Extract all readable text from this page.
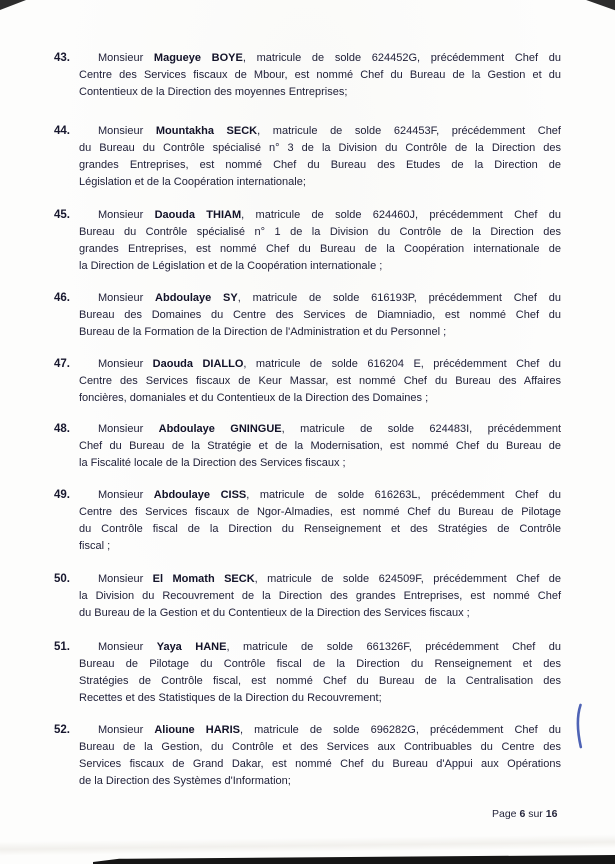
43.	Monsieur Magueye BOYE, matricule de solde 624452G, précédemment Chef du
Centre des Services fiscaux de Mbour, est nommé Chef du Bureau de la Gestion et du
Contentieux de la Direction des moyennes Entreprises;
44.	Monsieur Mountakha SECK, matricule de solde 624453F, précédemment Chef
du Bureau du Contrôle spécialisé n° 3 de la Division du Contrôle de la Direction des
grandes Entreprises, est nommé Chef du Bureau des Etudes de la Direction de
Législation et de la Coopération internationale;
45.	Monsieur Daouda THIAM, matricule de solde 624460J, précédemment Chef du
Bureau du Contrôle spécialisé n° 1 de la Division du Contrôle de la Direction des
grandes Entreprises, est nommé Chef du Bureau de la Coopération internationale de
la Direction de Législation et de la Coopération internationale ;
46.	Monsieur Abdoulaye SY, matricule de solde 616193P, précédemment Chef du
Bureau des Domaines du Centre des Services de Diamniadio, est nommé Chef du
Bureau de la Formation de la Direction de l'Administration et du Personnel ;
47.	Monsieur Daouda DIALLO, matricule de solde 616204 E, précédemment Chef du
Centre des Services fiscaux de Keur Massar, est nommé Chef du Bureau des Affaires
foncières, domaniales et du Contentieux de la Direction des Domaines ;
48.	Monsieur Abdoulaye GNINGUE, matricule de solde 624483I, précédemment
Chef du Bureau de la Stratégie et de la Modernisation, est nommé Chef du Bureau de
la Fiscalité locale de la Direction des Services fiscaux ;
49.	Monsieur Abdoulaye CISS, matricule de solde 616263L, précédemment Chef du
Centre des Services fiscaux de Ngor-Almadies, est nommé Chef du Bureau de Pilotage
du Contrôle fiscal de la Direction du Renseignement et des Stratégies de Contrôle
fiscal ;
50.	Monsieur El Momath SECK, matricule de solde 624509F, précédemment Chef de
la Division du Recouvrement de la Direction des grandes Entreprises, est nommé Chef
du Bureau de la Gestion et du Contentieux de la Direction des Services fiscaux ;
51.	Monsieur Yaya HANE, matricule de solde 661326F, précédemment Chef du
Bureau de Pilotage du Contrôle fiscal de la Direction du Renseignement et des
Stratégies de Contrôle fiscal, est nommé Chef du Bureau de la Centralisation des
Recettes et des Statistiques de la Direction du Recouvrement;
52.	Monsieur Alioune HARIS, matricule de solde 696282G, précédemment Chef du
Bureau de la Gestion, du Contrôle et des Services aux Contribuables du Centre des
Services fiscaux de Grand Dakar, est nommé Chef du Bureau d'Appui aux Opérations
de la Direction des Systèmes d'Information;
Page 6 sur 16
